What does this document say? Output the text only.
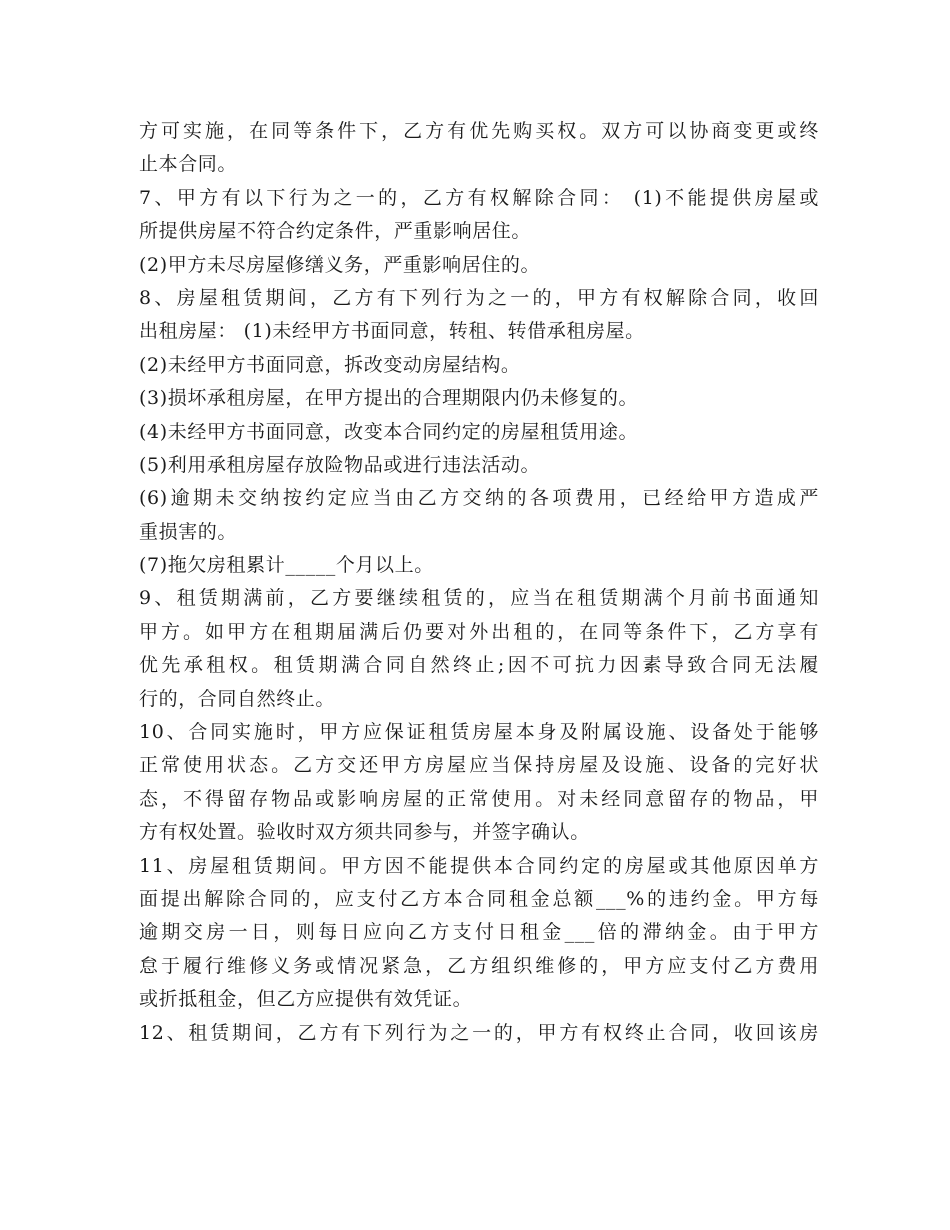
方可实施，在同等条件下，乙方有优先购买权。双方可以协商变更或终
止本合同。
7、甲方有以下行为之一的，乙方有权解除合同： (1)不能提供房屋或
所提供房屋不符合约定条件，严重影响居住。
(2)甲方未尽房屋修缮义务，严重影响居住的。
8、房屋租赁期间，乙方有下列行为之一的，甲方有权解除合同，收回
出租房屋： (1)未经甲方书面同意，转租、转借承租房屋。
(2)未经甲方书面同意，拆改变动房屋结构。
(3)损坏承租房屋，在甲方提出的合理期限内仍未修复的。
(4)未经甲方书面同意，改变本合同约定的房屋租赁用途。
(5)利用承租房屋存放险物品或进行违法活动。
(6)逾期未交纳按约定应当由乙方交纳的各项费用，已经给甲方造成严
重损害的。
(7)拖欠房租累计_____个月以上。
9、租赁期满前，乙方要继续租赁的，应当在租赁期满个月前书面通知
甲方。如甲方在租期届满后仍要对外出租的，在同等条件下，乙方享有
优先承租权。租赁期满合同自然终止;因不可抗力因素导致合同无法履
行的，合同自然终止。
10、合同实施时，甲方应保证租赁房屋本身及附属设施、设备处于能够
正常使用状态。乙方交还甲方房屋应当保持房屋及设施、设备的完好状
态，不得留存物品或影响房屋的正常使用。对未经同意留存的物品，甲
方有权处置。验收时双方须共同参与，并签字确认。
11、房屋租赁期间。甲方因不能提供本合同约定的房屋或其他原因单方
面提出解除合同的，应支付乙方本合同租金总额___%的违约金。甲方每
逾期交房一日，则每日应向乙方支付日租金___倍的滞纳金。由于甲方
怠于履行维修义务或情况紧急，乙方组织维修的，甲方应支付乙方费用
或折抵租金，但乙方应提供有效凭证。
12、租赁期间，乙方有下列行为之一的，甲方有权终止合同，收回该房
